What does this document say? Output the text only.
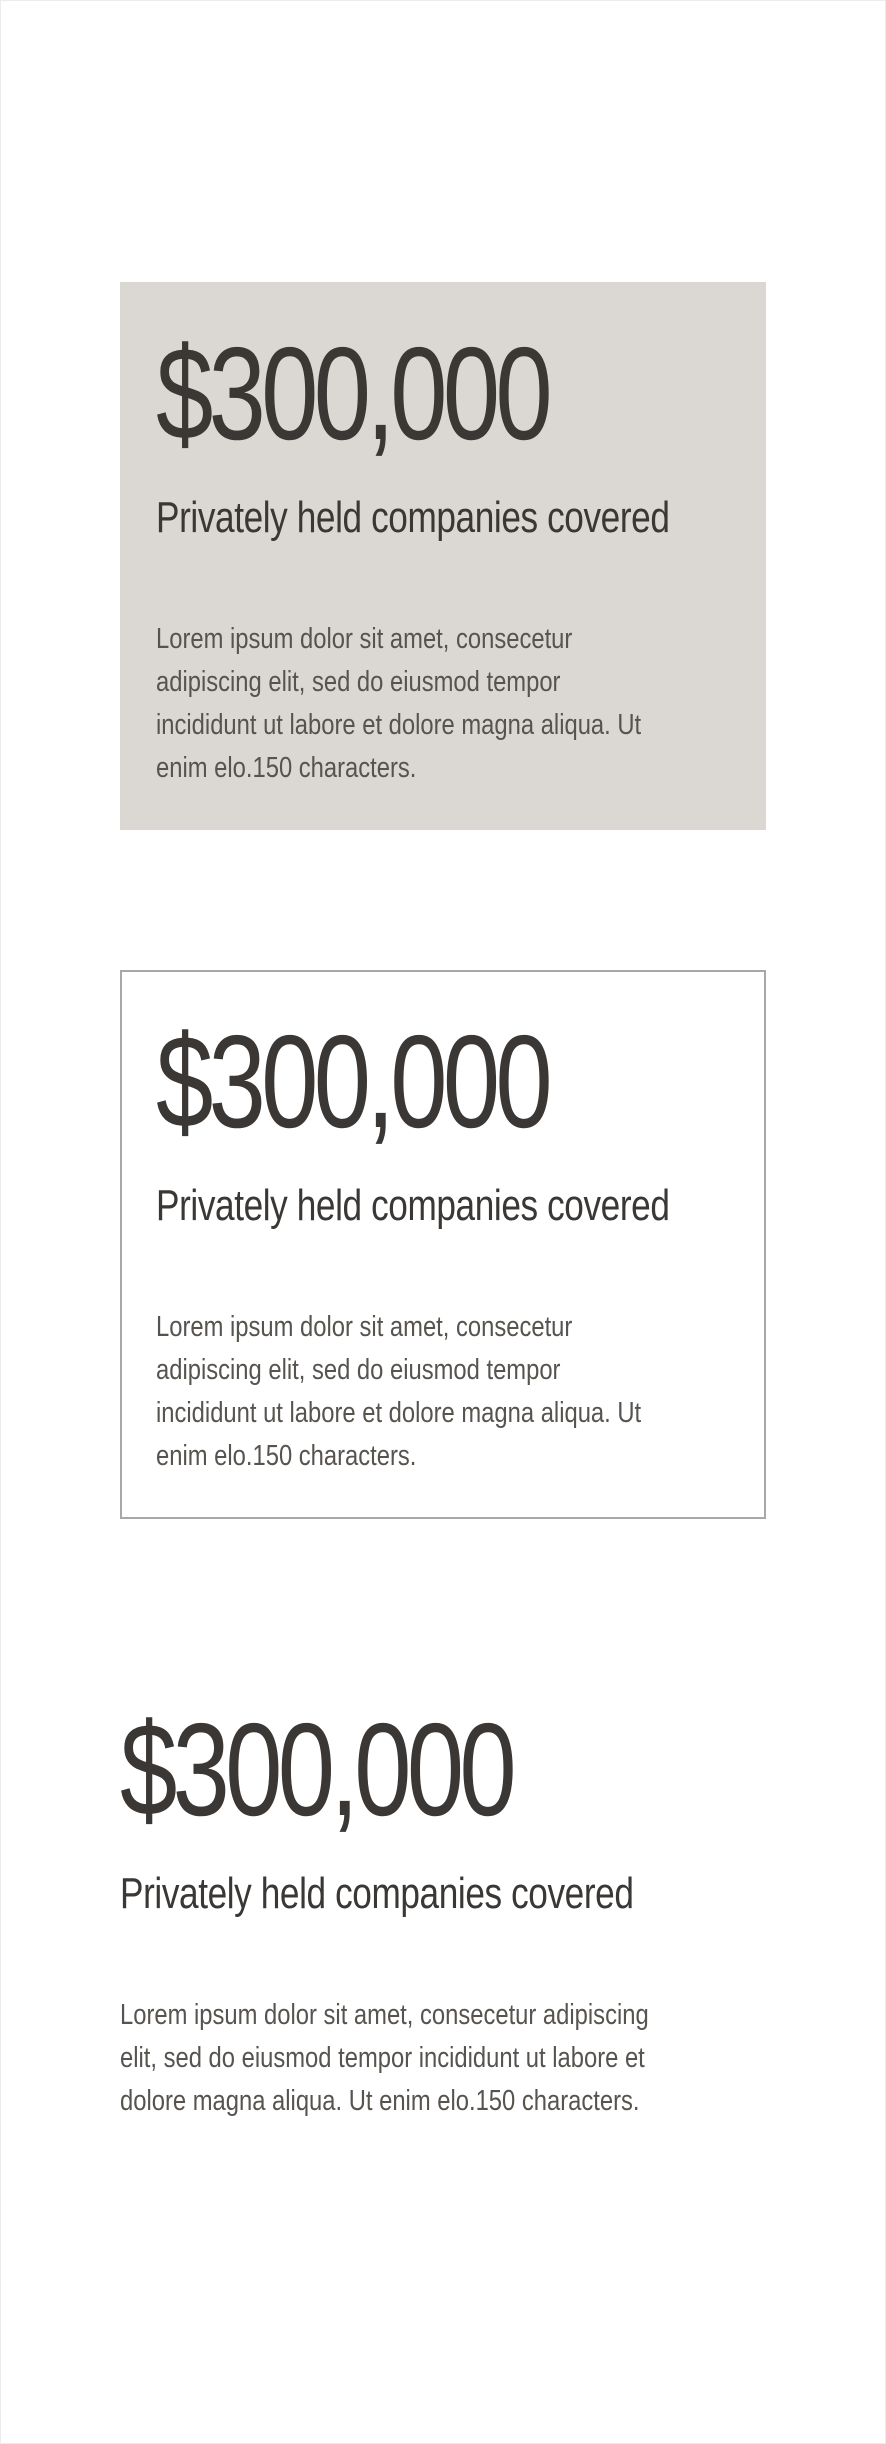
$300,000
Privately held companies covered
Lorem ipsum dolor sit amet, consecetur
adipiscing elit, sed do eiusmod tempor
incididunt ut labore et dolore magna aliqua. Ut
enim elo.150 characters.
$300,000
Privately held companies covered
Lorem ipsum dolor sit amet, consecetur
adipiscing elit, sed do eiusmod tempor
incididunt ut labore et dolore magna aliqua. Ut
enim elo.150 characters.
$300,000
Privately held companies covered
Lorem ipsum dolor sit amet, consecetur adipiscing
elit, sed do eiusmod tempor incididunt ut labore et
dolore magna aliqua. Ut enim elo.150 characters.
